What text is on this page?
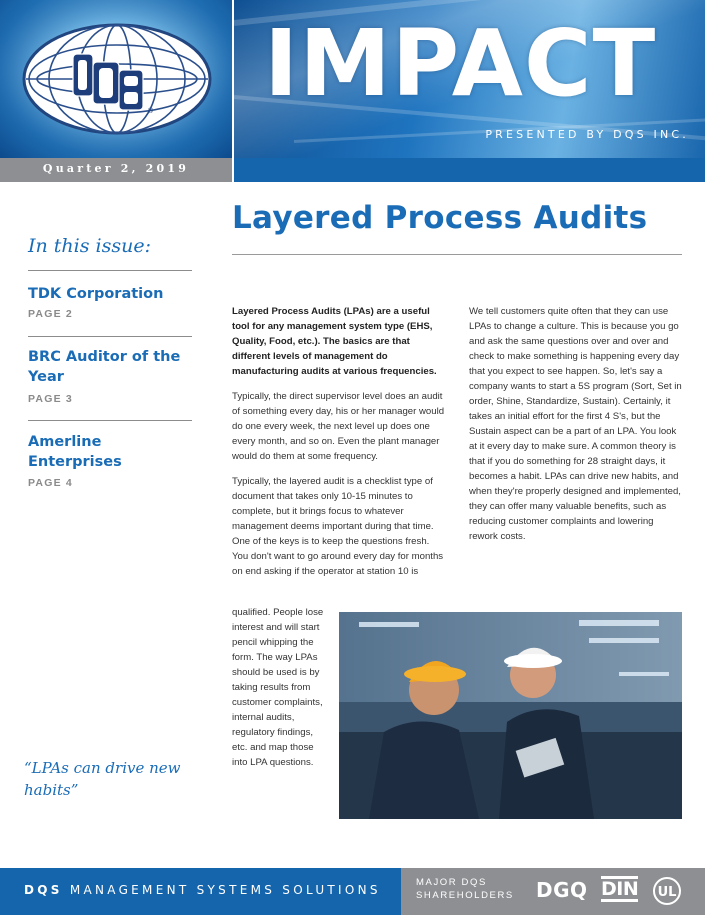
® IMPACT
PRESENTED BY DQS INC.
Quarter 2, 2019
In this issue:
TDK Corporation
PAGE 2
BRC Auditor of the Year
PAGE 3
Amerline Enterprises
PAGE 4

“LPAs can drive new habits”

Layered Process Audits

Layered Process Audits (LPAs) are a useful tool for any management system type (EHS, Quality, Food, etc.). The basics are that different levels of management do manufacturing audits at various frequencies.

Typically, the direct supervisor level does an audit of something every day, his or her manager would do one every week, the next level up does one every month, and so on. Even the plant manager would do them at some frequency.

Typically, the layered audit is a checklist type of document that takes only 10-15 minutes to complete, but it brings focus to whatever management deems important during that time. One of the keys is to keep the questions fresh. You don't want to go around every day for months on end asking if the operator at station 10 is

qualified. People lose interest and will start pencil whipping the form. The way LPAs should be used is by taking results from customer complaints, internal audits, regulatory findings, etc. and map those into LPA questions.

We tell customers quite often that they can use LPAs to change a culture. This is because you go and ask the same questions over and over and check to make something is happening every day that you expect to see happen. So, let's say a company wants to start a 5S program (Sort, Set in order, Shine, Standardize, Sustain). Certainly, it takes an initial effort for the first 4 S's, but the Sustain aspect can be a part of an LPA. You look at it every day to make sure. A common theory is that if you do something for 28 straight days, it becomes a habit. LPAs can drive new habits, and when they're properly designed and implemented, they can offer many valuable benefits, such as reducing customer complaints and lowering rework costs.

DQS MANAGEMENT SYSTEMS SOLUTIONS
MAJOR DQS SHAREHOLDERS	DGQ DIN UL
